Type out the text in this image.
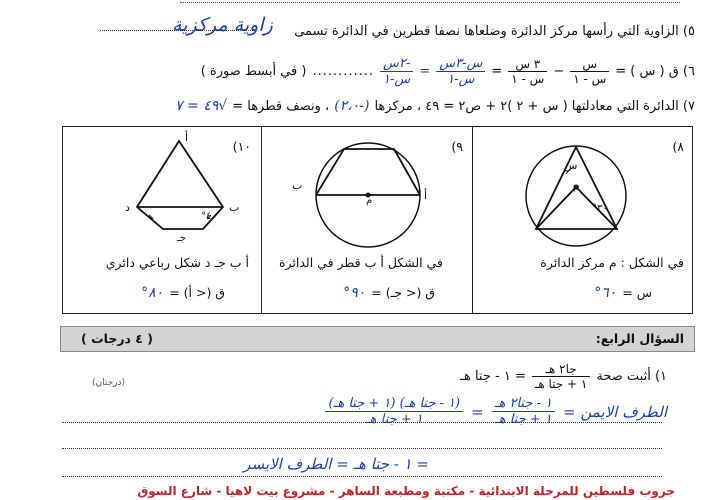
٥) الزاوية التي رأسها مركز الدائرة وضلعاها نصفا قطرين في الدائرة تسمى
زاوية مركزية
٦) ق ( س ) =
$\frac{\text{س}}{\text{س - ١}}$
−
$\frac{\text{٣ س}}{\text{س - ١}}$
=
$\frac{\text{س-٣س}}{\text{س-١}}$
=
$\frac{\text{-٢س}}{\text{س-١}}$
............
( في أبسط صورة )
٧) الدائرة التي معادلتها ( س + ٢ )٢ + ص٢ = ٤٩ ، مركزها
(-٢،٠)
، ونصف قطرها =
√٤٩ = ٧
٨)
س
م
٣٠°
في الشكل : م مركز الدائرة
س =
٦٠°
٩)
أ
ب
م
في الشكل أ ب قطر في الدائرة
ق (< جـ) =
٩٠°
١٠)
أ
د	ب
جـ
٤٠°
أ ب جـ د شكل رباعي دائري
ق (< أ) =
٨٠°
السؤال الرابع:
( ٤ درجات )
١) أثبت صحة
$\frac{\text{جا٢ هـ}}{\text{١ + جتا هـ}}$
= ١ - جتا هـ
(درجتان)
الطرف الايمن =
$\frac{\text{١ - جتا٢ هـ}}{\text{١ + جتا هـ}}$
=
$\frac{\text{(١ - جتا هـ) (١ + جتا هـ)}}{\text{١ + جتا هـ}}$
= ١ - جتا هـ = الطرف الايسر
جروب فلسطين للمرحلة الابتدائية - مكتبة ومطبعة الساهر - مشروع بيت لاهيا - شارع السوق
